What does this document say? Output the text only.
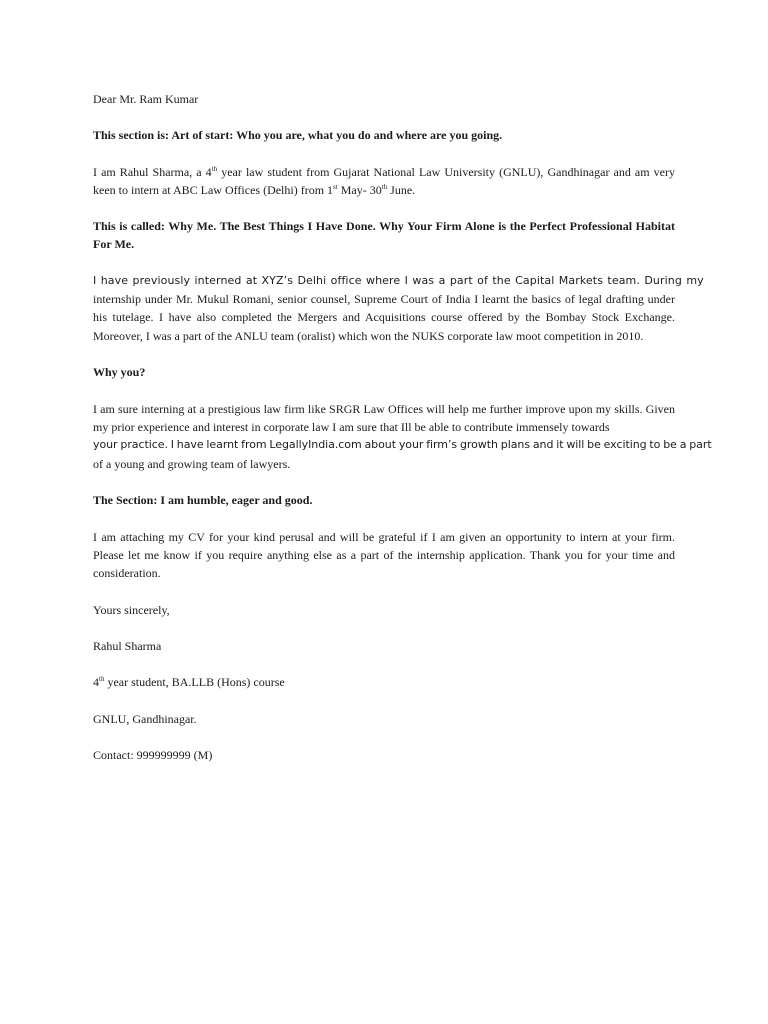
Dear Mr. Ram Kumar

This section is: Art of start: Who you are, what you do and where are you going.

I am Rahul Sharma, a 4th year law student from Gujarat National Law University (GNLU), Gandhinagar and am very keen to intern at ABC Law Offices (Delhi) from 1st May- 30th June.

This is called: Why Me. The Best Things I Have Done. Why Your Firm Alone is the Perfect Professional Habitat For Me.

I have previously interned at XYZ’s Delhi office where I was a part of the Capital Markets team. During my
internship under Mr. Mukul Romani, senior counsel, Supreme Court of India I learnt the basics of legal drafting under his tutelage. I have also completed the Mergers and Acquisitions course offered by the Bombay Stock Exchange. Moreover, I was a part of the ANLU team (oralist) which won the NUKS corporate law moot competition in 2010.

Why you?

I am sure interning at a prestigious law firm like SRGR Law Offices will help me further improve upon my skills. Given my prior experience and interest in corporate law I am sure that Ill be able to contribute immensely towards
your practice. I have learnt from LegallyIndia.com about your firm’s growth plans and it will be exciting to be a part
of a young and growing team of lawyers.

The Section: I am humble, eager and good.

I am attaching my CV for your kind perusal and will be grateful if I am given an opportunity to intern at your firm. Please let me know if you require anything else as a part of the internship application. Thank you for your time and consideration.

Yours sincerely,

Rahul Sharma

4th year student, BA.LLB (Hons) course

GNLU, Gandhinagar.

Contact: 999999999 (M)
